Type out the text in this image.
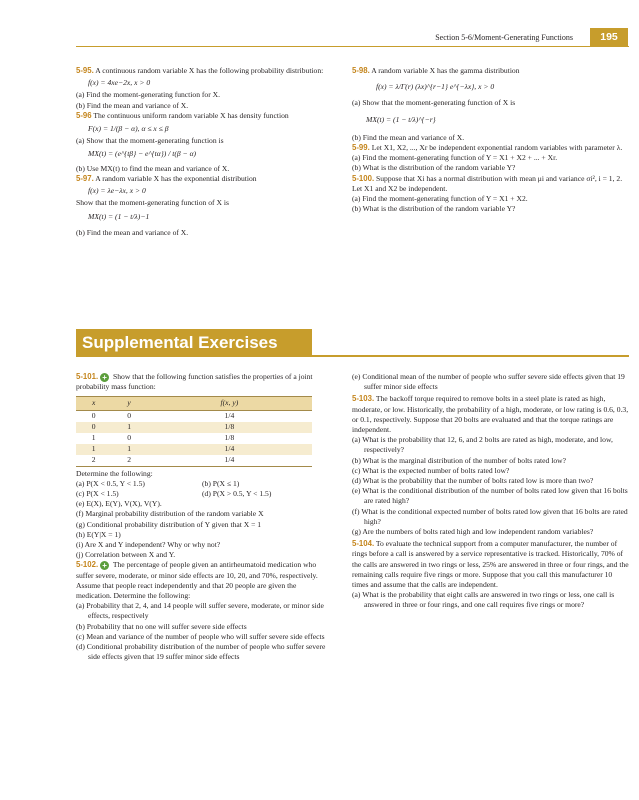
Section 5-6/Moment-Generating Functions	195

5-95. A continuous random variable X has the following probability distribution:

f(x) = 4xe−2x, x > 0

(a) Find the moment-generating function for X.

(b) Find the mean and variance of X.

5-96 The continuous uniform random variable X has density function

F(x) = 1/(β − α), α ≤ x ≤ β

(a) Show that the moment-generating function is

MX(t) = (e^{tβ} − e^{tα}) / t(β − α)

(b) Use MX(t) to find the mean and variance of X.

5-97. A random variable X has the exponential distribution

f(x) = λe−λx, x > 0

Show that the moment-generating function of X is

MX(t) = (1 − t/λ)−1

(b) Find the mean and variance of X.

5-98. A random variable X has the gamma distribution

f(x) = λ/Γ(r) (λx)^{r−1} e^{−λx}, x > 0

(a) Show that the moment-generating function of X is

MX(t) = (1 − t/λ)^{−r}

(b) Find the mean and variance of X.

5-99. Let X1, X2, ..., Xr be independent exponential random variables with parameter λ.

(a) Find the moment-generating function of Y = X1 + X2 + ... + Xr.

(b) What is the distribution of the random variable Y?

5-100. Suppose that Xi has a normal distribution with mean μi and variance σi², i = 1, 2. Let X1 and X2 be independent.

(a) Find the moment-generating function of Y = X1 + X2.

(b) What is the distribution of the random variable Y?

Supplemental Exercises

5-101. + Show that the following function satisfies the properties of a joint probability mass function:

x	y	f(x, y)
0	0	1/4
0	1	1/8
1	0	1/8
1	1	1/4
2	2	1/4

Determine the following:

(a) P(X < 0.5, Y < 1.5)	(b) P(X ≤ 1)

(c) P(X < 1.5)	(d) P(X > 0.5, Y < 1.5)

(e) E(X), E(Y), V(X), V(Y).

(f) Marginal probability distribution of the random variable X

(g) Conditional probability distribution of Y given that X = 1

(h) E(Y|X = 1)

(i) Are X and Y independent? Why or why not?

(j) Correlation between X and Y.

5-102. + The percentage of people given an antirheumatoid medication who suffer severe, moderate, or minor side effects are 10, 20, and 70%, respectively. Assume that people react independently and that 20 people are given the medication. Determine the following:

(a) Probability that 2, 4, and 14 people will suffer severe, moderate, or minor side effects, respectively

(b) Probability that no one will suffer severe side effects

(c) Mean and variance of the number of people who will suffer severe side effects

(d) Conditional probability distribution of the number of people who suffer severe side effects given that 19 suffer minor side effects

(e) Conditional mean of the number of people who suffer severe side effects given that 19 suffer minor side effects

5-103. The backoff torque required to remove bolts in a steel plate is rated as high, moderate, or low. Historically, the probability of a high, moderate, or low rating is 0.6, 0.3, or 0.1, respectively. Suppose that 20 bolts are evaluated and that the torque ratings are independent.

(a) What is the probability that 12, 6, and 2 bolts are rated as high, moderate, and low, respectively?

(b) What is the marginal distribution of the number of bolts rated low?

(c) What is the expected number of bolts rated low?

(d) What is the probability that the number of bolts rated low is more than two?

(e) What is the conditional distribution of the number of bolts rated low given that 16 bolts are rated high?

(f) What is the conditional expected number of bolts rated low given that 16 bolts are rated high?

(g) Are the numbers of bolts rated high and low independent random variables?

5-104. To evaluate the technical support from a computer manufacturer, the number of rings before a call is answered by a service representative is tracked. Historically, 70% of the calls are answered in two rings or less, 25% are answered in three or four rings, and the remaining calls require five rings or more. Suppose that you call this manufacturer 10 times and assume that the calls are independent.

(a) What is the probability that eight calls are answered in two rings or less, one call is answered in three or four rings, and one call requires five rings or more?
